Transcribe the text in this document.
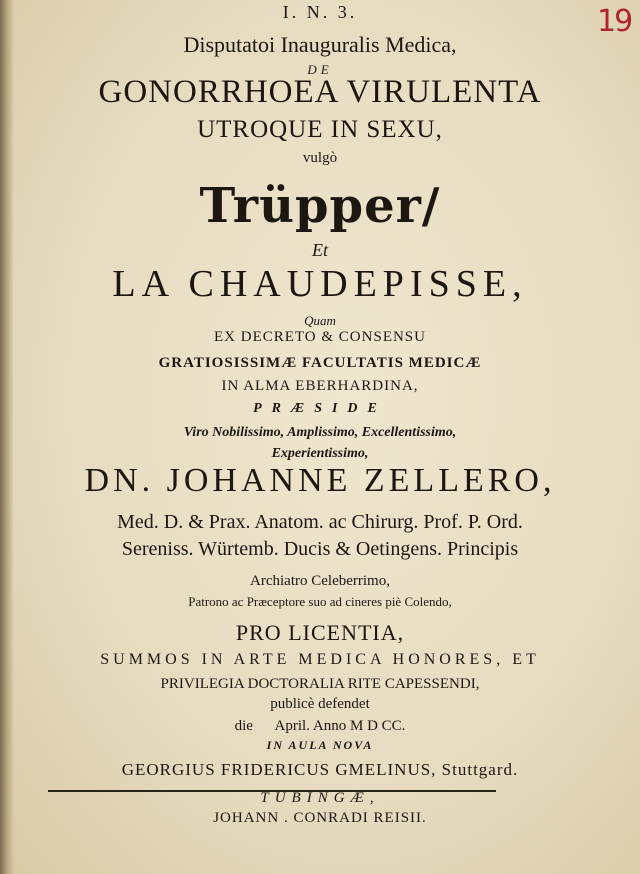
I. N. 3.	19
Disputatoi Inauguralis Medica,
DE
GONORRHOEA VIRULENTA
UTROQUE IN SEXU,
vulgò
Trüpper/
Et
LA CHAUDEPISSE,
Quam
EX DECRETO & CONSENSU
GRATIOSISSIMÆ FACULTATIS MEDICÆ
IN ALMA EBERHARDINA,
PRÆSIDE
Viro Nobilissimo, Amplissimo, Excellentissimo,
Experientissimo,
DN. JOHANNE ZELLERO,
Med. D. & Prax. Anatom. ac Chirurg. Prof. P. Ord.
Sereniss. Würtemb. Ducis & Oetingens. Principis
Archiatro Celeberrimo,
Patrono ac Præceptore suo ad cineres piè Colendo,
PRO LICENTIA,
SUMMOS IN ARTE MEDICA HONORES, ET
PRIVILEGIA DOCTORALIA RITE CAPESSENDI,
publicè defendet
die      April. Anno M D CC.
IN AULA NOVA
GEORGIUS FRIDERICUS GMELINUS, Stuttgard.
TUBINGÆ,
JOHANN . CONRADI REISII.
